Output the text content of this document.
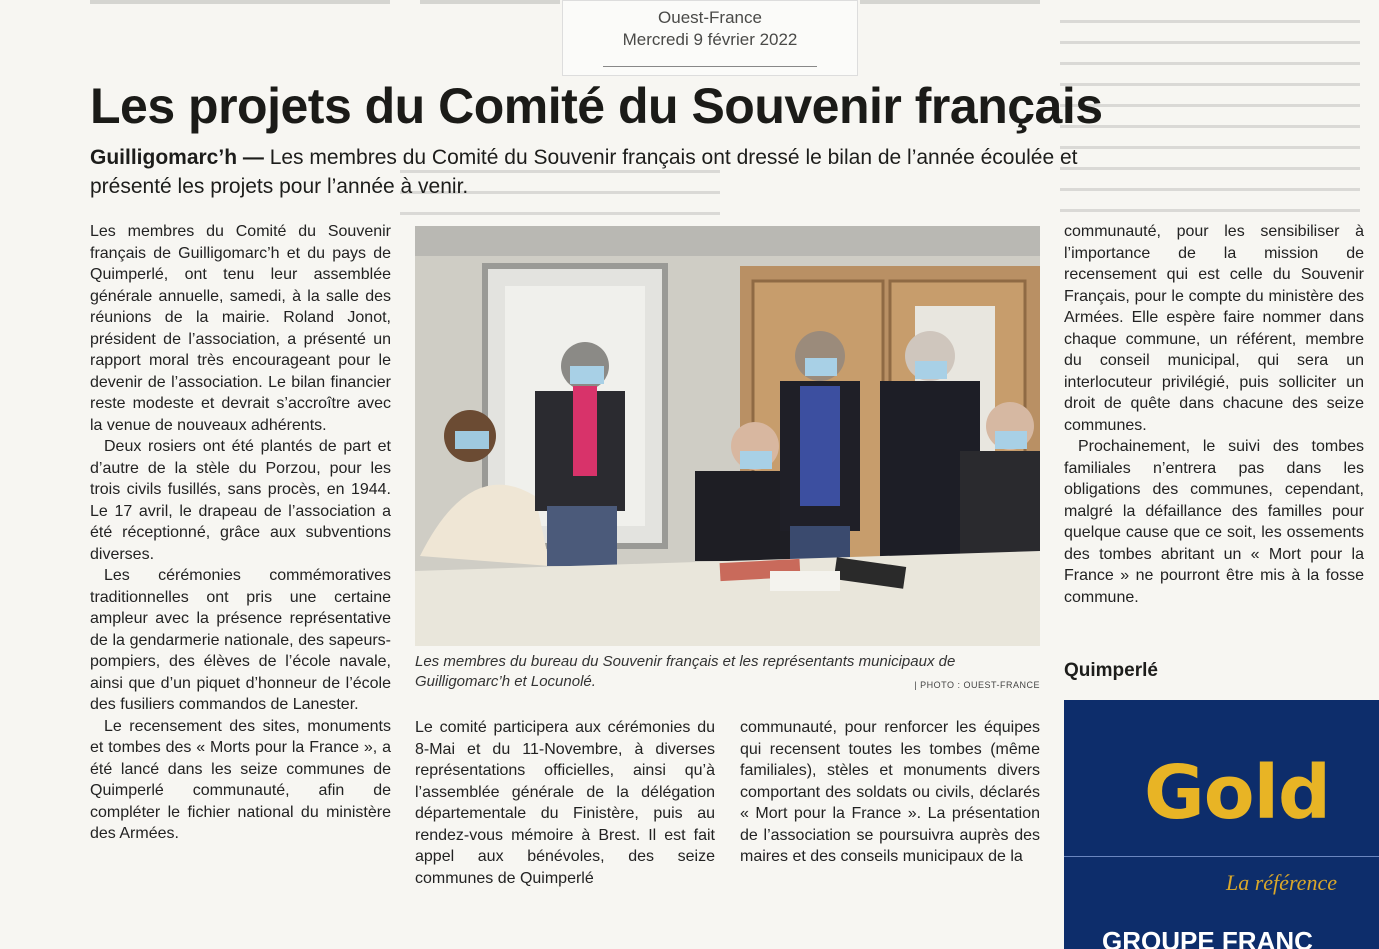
Ouest-France
Mercredi 9 février 2022
Les projets du Comité du Souvenir français

Guilligomarc’h — Les membres du Comité du Souvenir français ont dressé le bilan de l’année écoulée et présenté les projets pour l’année à venir.

Les membres du Comité du Souvenir français de Guilligomarc’h et du pays de Quimperlé, ont tenu leur assemblée générale annuelle, samedi, à la salle des réunions de la mairie. Roland Jonot, président de l’association, a présenté un rapport moral très encourageant pour le devenir de l’association. Le bilan financier reste modeste et devrait s’accroître avec la venue de nouveaux adhérents.

Deux rosiers ont été plantés de part et d’autre de la stèle du Porzou, pour les trois civils fusillés, sans procès, en 1944. Le 17 avril, le drapeau de l’association a été réceptionné, grâce aux subventions diverses.

Les cérémonies commémoratives traditionnelles ont pris une certaine ampleur avec la présence représentative de la gendarmerie nationale, des sapeurs-pompiers, des élèves de l’école navale, ainsi que d’un piquet d’honneur de l’école des fusiliers commandos de Lanester.

Le recensement des sites, monuments et tombes des « Morts pour la France », a été lancé dans les seize communes de Quimperlé communauté, afin de compléter le fichier national du ministère des Armées.

Les membres du bureau du Souvenir français et les représentants municipaux de Guilligomarc’h et Locunolé.	| PHOTO : OUEST-FRANCE

Le comité participera aux cérémonies du 8-Mai et du 11-Novembre, à diverses représentations officielles, ainsi qu’à l’assemblée générale de la délégation départementale du Finistère, puis au rendez-vous mémoire à Brest. Il est fait appel aux bénévoles, des seize communes de Quimperlé

communauté, pour renforcer les équipes qui recensent toutes les tombes (même familiales), stèles et monuments divers comportant des soldats ou civils, déclarés « Mort pour la France ». La présentation de l’association se poursuivra auprès des maires et des conseils municipaux de la

communauté, pour les sensibiliser à l’importance de la mission de recensement qui est celle du Souvenir Français, pour le compte du ministère des Armées. Elle espère faire nommer dans chaque commune, un référent, membre du conseil municipal, qui sera un interlocuteur privilégié, puis solliciter un droit de quête dans chacune des seize communes.

Prochainement, le suivi des tombes familiales n’entrera pas dans les obligations des communes, cependant, malgré la défaillance des familles pour quelque cause que ce soit, les ossements des tombes abritant un « Mort pour la France » ne pourront être mis à la fosse commune.

Quimperlé
Gold
La référence
GROUPE FRANC
